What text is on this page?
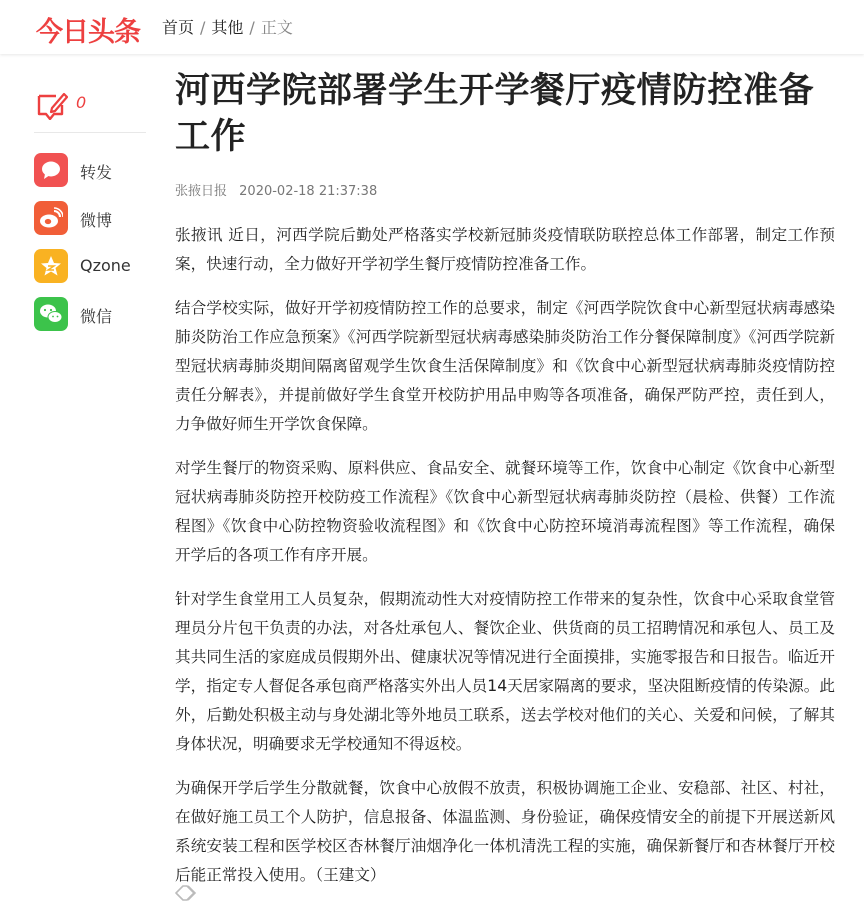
今日头条 首页 / 其他 / 正文
0
转发
微博
Qzone
微信
河西学院部署学生开学餐厅疫情防控准备工作
张掖日报 2020-02-18 21:37:38

张掖讯 近日，河西学院后勤处严格落实学校新冠肺炎疫情联防联控总体工作部署，制定工作预案，快速行动，全力做好开学初学生餐厅疫情防控准备工作。

结合学校实际，做好开学初疫情防控工作的总要求，制定《河西学院饮食中心新型冠状病毒感染肺炎防治工作应急预案》《河西学院新型冠状病毒感染肺炎防治工作分餐保障制度》《河西学院新型冠状病毒肺炎期间隔离留观学生饮食生活保障制度》和《饮食中心新型冠状病毒肺炎疫情防控责任分解表》，并提前做好学生食堂开校防护用品申购等各项准备，确保严防严控，责任到人，力争做好师生开学饮食保障。

对学生餐厅的物资采购、原料供应、食品安全、就餐环境等工作，饮食中心制定《饮食中心新型冠状病毒肺炎防控开校防疫工作流程》《饮食中心新型冠状病毒肺炎防控（晨检、供餐）工作流程图》《饮食中心防控物资验收流程图》和《饮食中心防控环境消毒流程图》等工作流程，确保开学后的各项工作有序开展。

针对学生食堂用工人员复杂，假期流动性大对疫情防控工作带来的复杂性，饮食中心采取食堂管理员分片包干负责的办法，对各灶承包人、餐饮企业、供货商的员工招聘情况和承包人、员工及其共同生活的家庭成员假期外出、健康状况等情况进行全面摸排，实施零报告和日报告。临近开学，指定专人督促各承包商严格落实外出人员14天居家隔离的要求，坚决阻断疫情的传染源。此外，后勤处积极主动与身处湖北等外地员工联系，送去学校对他们的关心、关爱和问候，了解其身体状况，明确要求无学校通知不得返校。

为确保开学后学生分散就餐，饮食中心放假不放责，积极协调施工企业、安稳部、社区、村社，在做好施工员工个人防护，信息报备、体温监测、身份验证，确保疫情安全的前提下开展送新风系统安装工程和医学校区杏林餐厅油烟净化一体机清洗工程的实施，确保新餐厅和杏林餐厅开校后能正常投入使用。（王建文）
